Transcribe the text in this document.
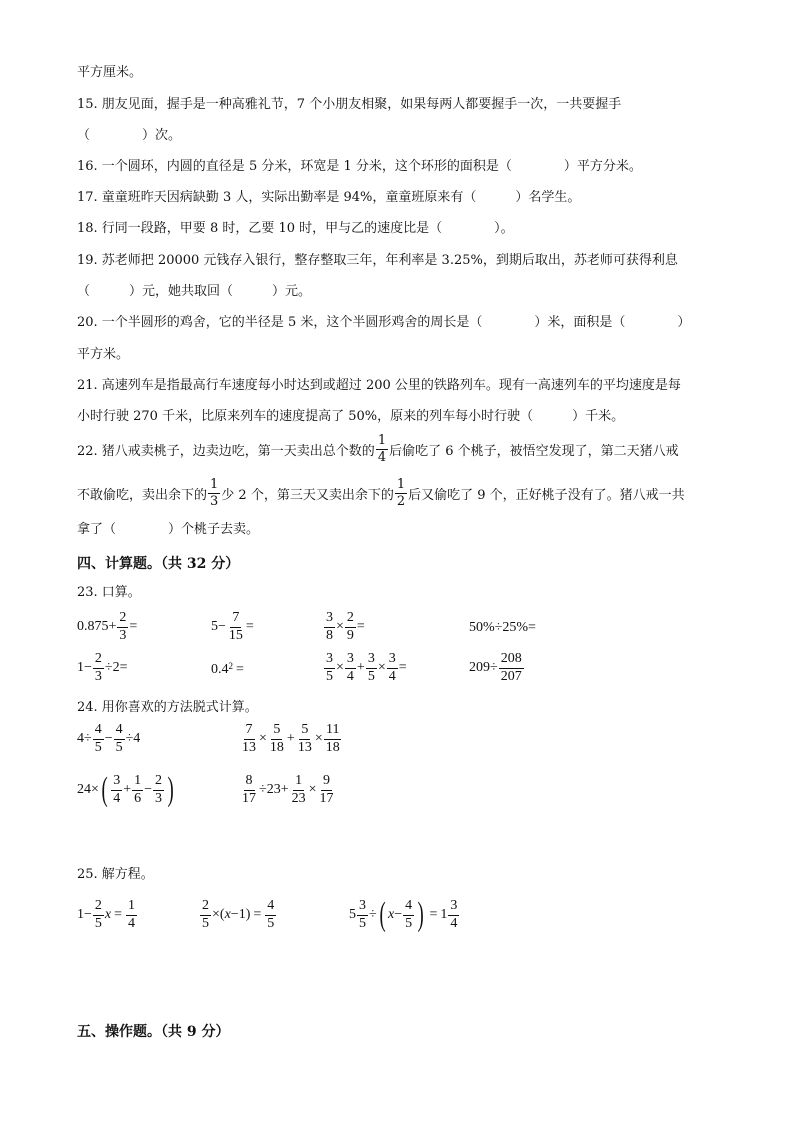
平方厘米。
15. 朋友见面，握手是一种高雅礼节，7 个小朋友相聚，如果每两人都要握手一次，一共要握手
（　　　　）次。
16. 一个圆环，内圆的直径是 5 分米，环宽是 1 分米，这个环形的面积是（　　　　）平方分米。
17. 童童班昨天因病缺勤 3 人，实际出勤率是 94%，童童班原来有（　　　）名学生。
18. 行同一段路，甲要 8 时，乙要 10 时，甲与乙的速度比是（　　　　）。
19. 苏老师把 20000 元钱存入银行，整存整取三年，年利率是 3.25%，到期后取出，苏老师可获得利息
（　　　）元，她共取回（　　　）元。
20. 一个半圆形的鸡舍，它的半径是 5 米，这个半圆形鸡舍的周长是（　　　　）米，面积是（　　　　）
平方米。
21. 高速列车是指最高行车速度每小时达到或超过 200 公里的铁路列车。现有一高速列车的平均速度是每
小时行驶 270 千米，比原来列车的速度提高了 50%，原来的列车每小时行驶（　　　）千米。
22. 猪八戒卖桃子，边卖边吃，第一天卖出总个数的
1
4 后偷吃了 6 个桃子，被悟空发现了，第二天猪八戒
不敢偷吃，卖出余下的
1
3 少 2 个，第三天又卖出余下的
1
2 后又偷吃了 9 个，正好桃子没有了。猪八戒一共
拿了（　　　　）个桃子去卖。
四、计算题。（共 32 分）
23. 口算。
$0.875 + \frac{2}{3}$ =	$5 - \frac{7}{15}$ =	$\frac{3}{8} \times \frac{2}{9}$ =	50% ÷ 25% =
$1 - \frac{2}{3} \div 2$ =	$0.4^2$ =	$\frac{3}{5} \times \frac{3}{4} + \frac{3}{5} \times \frac{3}{4}$ =	$209 \div \frac{208}{207}$
24. 用你喜欢的方法脱式计算。
$4 \div \frac{4}{5} - \frac{4}{5} \div 4$	$\frac{7}{13} \times \frac{5}{18} + \frac{5}{13} \times \frac{11}{18}$
24 × ( 3
4
+ $\frac{1}{6} - \frac{2}{3}$ )	$\frac{8}{17} \div 23 + \frac{1}{23} \times \frac{9}{17}$
25. 解方程。
$1 - \frac{2}{5}$ $x = \frac{1}{4}$	$\frac{2}{5}$ × ( x − 1 ) = $\frac{4}{5}$	$5 \frac{3}{5}$ ÷ ( $x - \frac{4}{5}$ ) = 1
3
4
五、操作题。（共 9 分）
